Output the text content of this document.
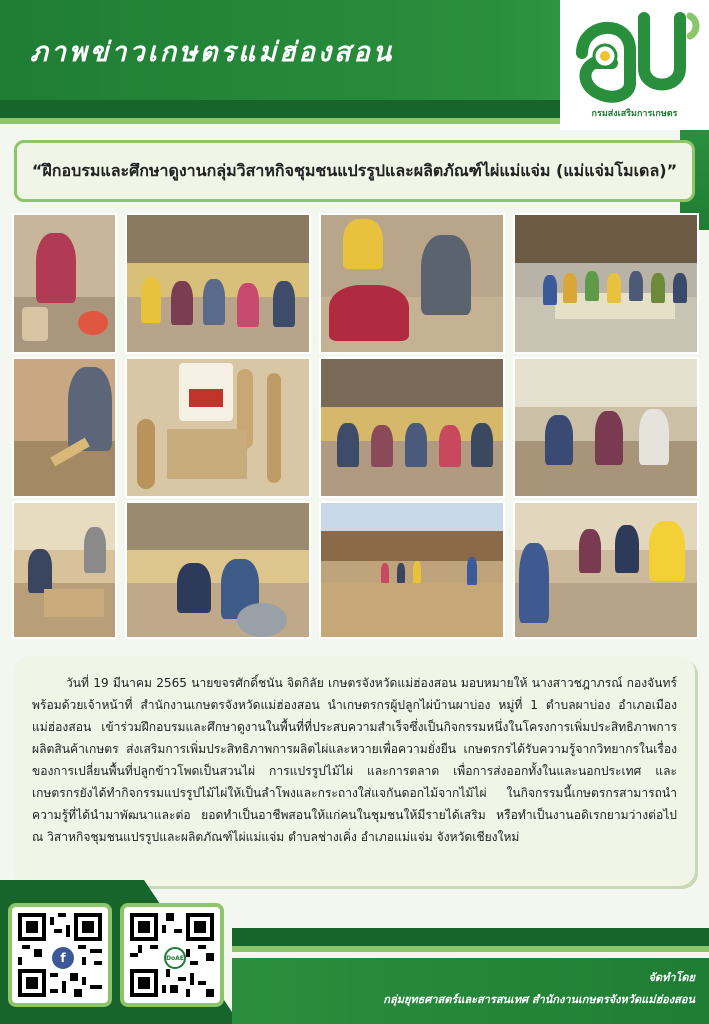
ภาพข่าวเกษตรแม่ฮ่องสอน
กรมส่งเสริมการเกษตร
“ฝึกอบรมและศึกษาดูงานกลุ่มวิสาหกิจชุมชนแปรรูปและผลิตภัณฑ์ไผ่แม่แจ่ม (แม่แจ่มโมเดล)”

วันที่ 19 มีนาคม 2565 นายขจรศักดิ์ชนัน จิตกิลัย เกษตรจังหวัดแม่ฮ่องสอน มอบหมายให้ นางสาวชฎาภรณ์ กองจันทร์ พร้อมด้วยเจ้าหน้าที่ สำนักงานเกษตรจังหวัดแม่ฮ่องสอน นำเกษตรกรผู้ปลูกไผ่บ้านผาบ่อง หมู่ที่ 1 ตำบลผาบ่อง อำเภอเมืองแม่ฮ่องสอน เข้าร่วมฝึกอบรมและศึกษาดูงานในพื้นที่ที่ประสบความสำเร็จซึ่งเป็นกิจกรรมหนึ่งในโครงการเพิ่มประสิทธิภาพการผลิตสินค้าเกษตร ส่งเสริมการเพิ่มประสิทธิภาพการผลิตไผ่และหวายเพื่อความยั่งยืน เกษตรกรได้รับความรู้จากวิทยากรในเรื่องของการเปลี่ยนพื้นที่ปลูกข้าวโพดเป็นสวนไผ่ การแปรรูปไม้ไผ่ และการตลาด เพื่อการส่งออกทั้งในและนอกประเทศ และเกษตรกรยังได้ทำกิจกรรมแปรรูปไม้ไผ่ให้เป็นลำโพงและกระถางใส่แจกันดอกไม้จากไม้ไผ่ ในกิจกรรมนี้เกษตรกรสามารถนำความรู้ที่ได้นำมาพัฒนาและต่อ ยอดทำเป็นอาชีพสอนให้แก่คนในชุมชนให้มีรายได้เสริม หรือทำเป็นงานอดิเรกยามว่างต่อไป ณ วิสาหกิจชุมชนแปรรูปและผลิตภัณฑ์ไผ่แม่แจ่ม ตำบลช่างเคิ่ง อำเภอแม่แจ่ม จังหวัดเชียงใหม่

f	DoAE
จัดทำโดย
กลุ่มยุทธศาสตร์และสารสนเทศ สำนักงานเกษตรจังหวัดแม่ฮ่องสอน
